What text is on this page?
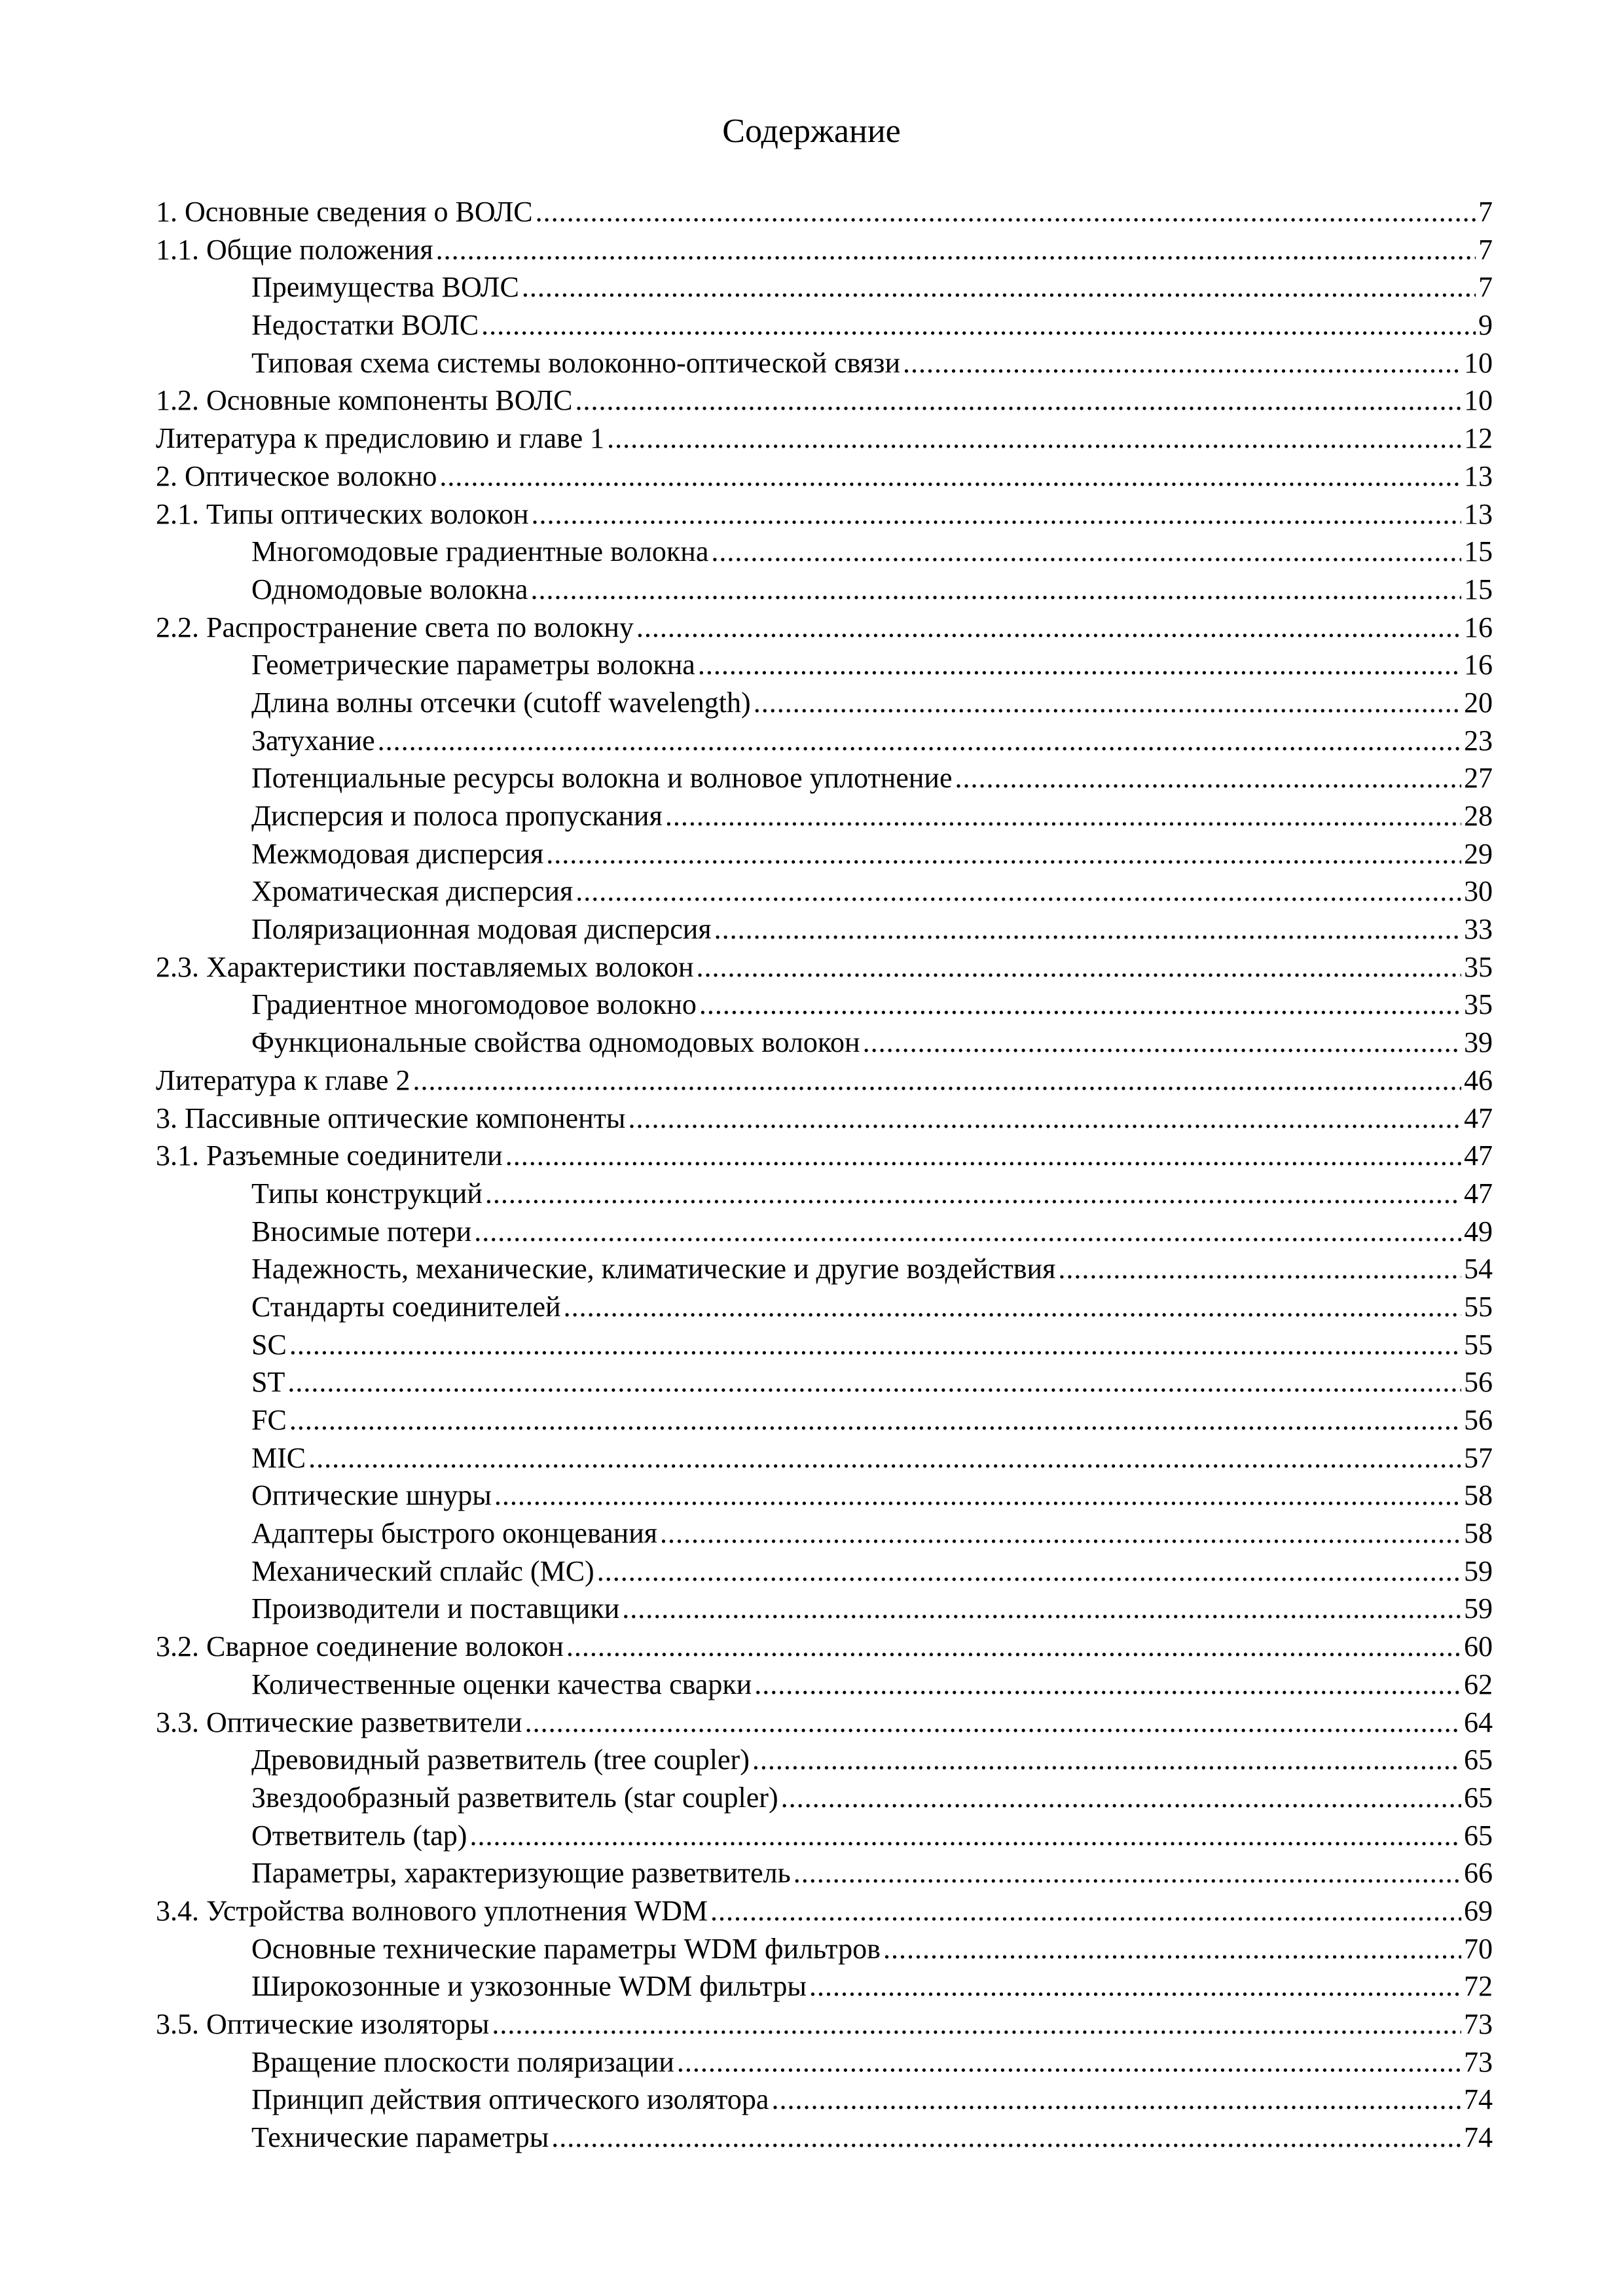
Содержание
1. Основные сведения о ВОЛС .....	7
1.1. Общие положения .....	7
Преимущества ВОЛС .....	7
Недостатки ВОЛС .....	9
Типовая схема системы волоконно-оптической связи .....	10
1.2. Основные компоненты ВОЛС .....	10
Литература к предисловию и главе 1 .....	12
2. Оптическое волокно .....	13
2.1. Типы оптических волокон .....	13
Многомодовые градиентные волокна .....	15
Одномодовые волокна .....	15
2.2. Распространение света по волокну .....	16
Геометрические параметры волокна .....	16
Длина волны отсечки (cutoff wavelength) .....	20
Затухание .....	23
Потенциальные ресурсы волокна и волновое уплотнение .....	27
Дисперсия и полоса пропускания .....	28
Межмодовая дисперсия .....	29
Хроматическая дисперсия .....	30
Поляризационная модовая дисперсия .....	33
2.3. Характеристики поставляемых волокон .....	35
Градиентное многомодовое волокно .....	35
Функциональные свойства одномодовых волокон .....	39
Литература к главе 2 .....	46
3. Пассивные оптические компоненты .....	47
3.1. Разъемные соединители .....	47
Типы конструкций .....	47
Вносимые потери .....	49
Надежность, механические, климатические и другие воздействия .....	54
Стандарты соединителей .....	55
SC .....	55
ST .....	56
FC .....	56
MIC .....	57
Оптические шнуры .....	58
Адаптеры быстрого оконцевания .....	58
Механический сплайс (МС) .....	59
Производители и поставщики .....	59
3.2. Сварное соединение волокон .....	60
Количественные оценки качества сварки .....	62
3.3. Оптические разветвители .....	64
Древовидный разветвитель (tree coupler) .....	65
Звездообразный разветвитель (star coupler) .....	65
Ответвитель (tap) .....	65
Параметры, характеризующие разветвитель .....	66
3.4. Устройства волнового уплотнения WDM .....	69
Основные технические параметры WDM фильтров .....	70
Широкозонные и узкозонные WDM фильтры .....	72
3.5. Оптические изоляторы .....	73
Вращение плоскости поляризации .....	73
Принцип действия оптического изолятора .....	74
Технические параметры .....	74
